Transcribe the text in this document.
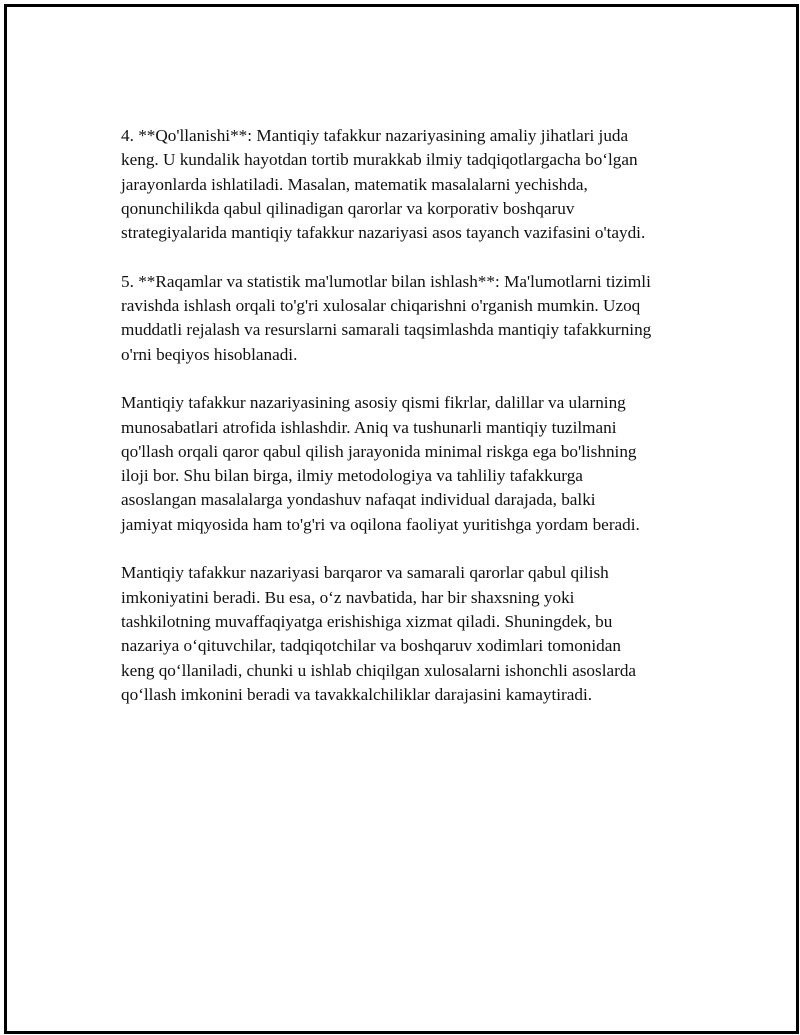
4. **Qo'llanishi**: Mantiqiy tafakkur nazariyasining amaliy jihatlari juda
keng. U kundalik hayotdan tortib murakkab ilmiy tadqiqotlargacha bo‘lgan
jarayonlarda ishlatiladi. Masalan, matematik masalalarni yechishda,
qonunchilikda qabul qilinadigan qarorlar va korporativ boshqaruv
strategiyalarida mantiqiy tafakkur nazariyasi asos tayanch vazifasini o'taydi.

5. **Raqamlar va statistik ma'lumotlar bilan ishlash**: Ma'lumotlarni tizimli
ravishda ishlash orqali to'g'ri xulosalar chiqarishni o'rganish mumkin. Uzoq
muddatli rejalash va resurslarni samarali taqsimlashda mantiqiy tafakkurning
o'rni beqiyos hisoblanadi.

Mantiqiy tafakkur nazariyasining asosiy qismi fikrlar, dalillar va ularning
munosabatlari atrofida ishlashdir. Aniq va tushunarli mantiqiy tuzilmani
qo'llash orqali qaror qabul qilish jarayonida minimal riskga ega bo'lishning
iloji bor. Shu bilan birga, ilmiy metodologiya va tahliliy tafakkurga
asoslangan masalalarga yondashuv nafaqat individual darajada, balki
jamiyat miqyosida ham to'g'ri va oqilona faoliyat yuritishga yordam beradi.

Mantiqiy tafakkur nazariyasi barqaror va samarali qarorlar qabul qilish
imkoniyatini beradi. Bu esa, o‘z navbatida, har bir shaxsning yoki
tashkilotning muvaffaqiyatga erishishiga xizmat qiladi. Shuningdek, bu
nazariya o‘qituvchilar, tadqiqotchilar va boshqaruv xodimlari tomonidan
keng qo‘llaniladi, chunki u ishlab chiqilgan xulosalarni ishonchli asoslarda
qo‘llash imkonini beradi va tavakkalchiliklar darajasini kamaytiradi.
